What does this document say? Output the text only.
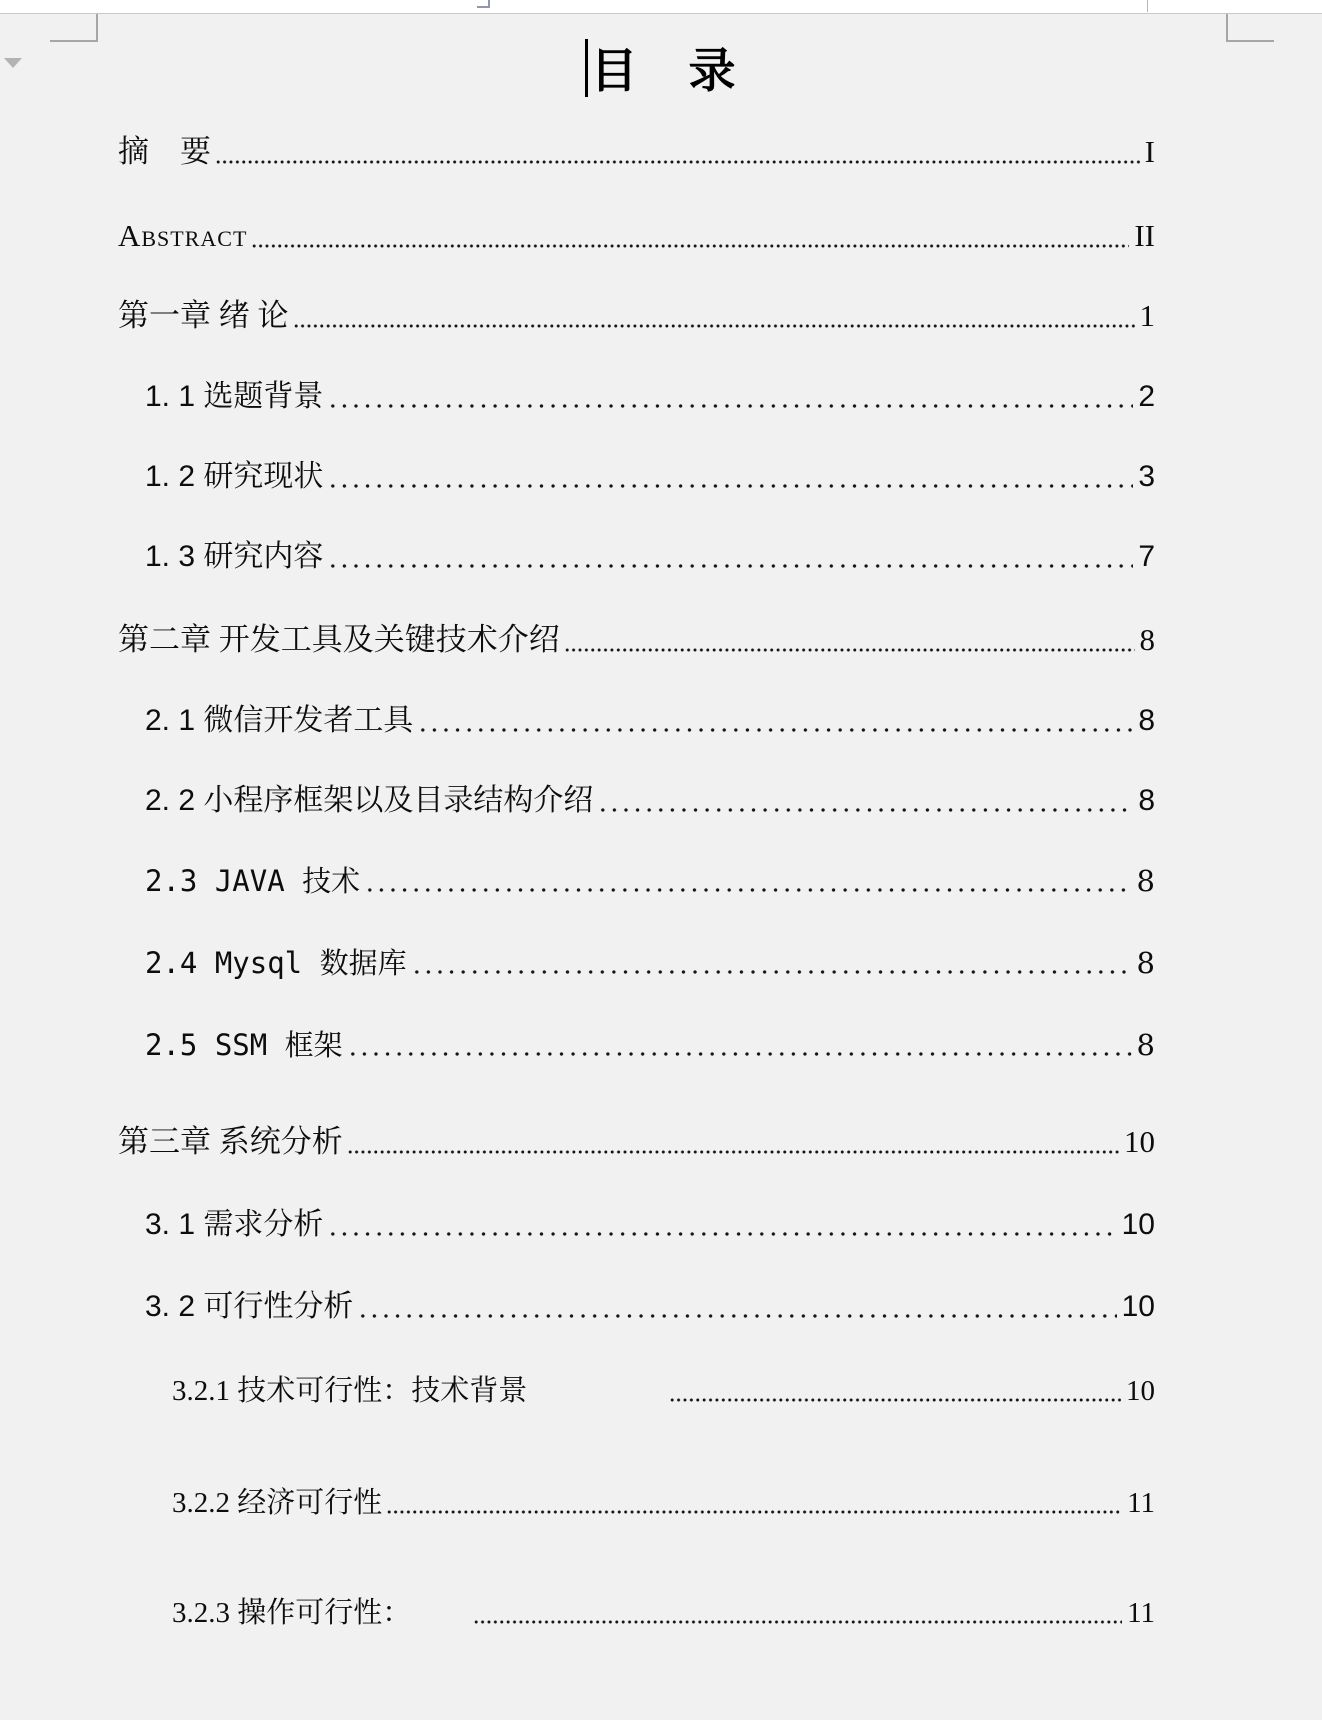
目　录
摘　要	I
Abstract	II
第一章 绪 论	1
1. 1 选题背景	2
1. 2 研究现状	3
1. 3 研究内容	7
第二章 开发工具及关键技术介绍	8
2. 1 微信开发者工具	8
2. 2 小程序框架以及目录结构介绍	8
2.3 JAVA 技术	8
2.4 Mysql 数据库	8
2.5 SSM 框架	8
第三章 系统分析	10
3. 1 需求分析	10
3. 2 可行性分析	10
3.2.1 技术可行性：技术背景	10
3.2.2 经济可行性	11
3.2.3 操作可行性：	11
